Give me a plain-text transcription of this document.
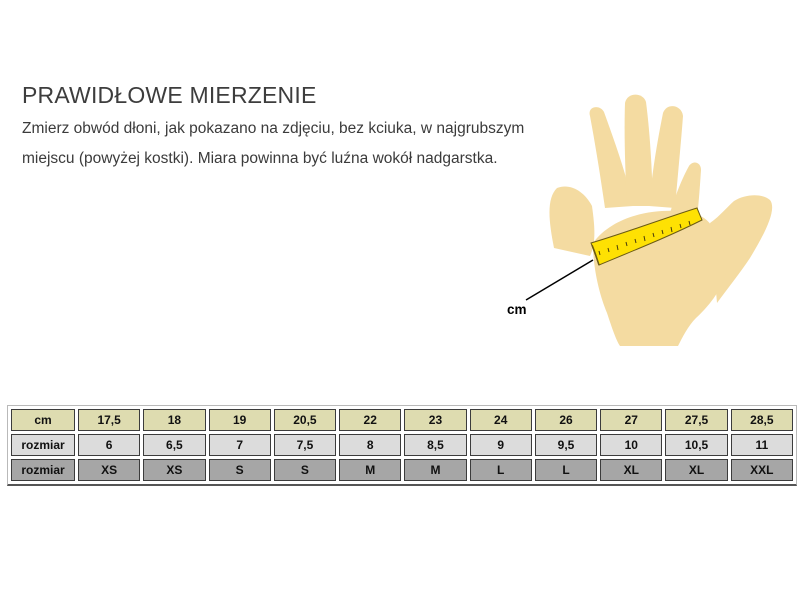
PRAWIDŁOWE MIERZENIE

Zmierz obwód dłoni, jak pokazano na zdjęciu, bez kciuka, w najgrubszym
miejscu (powyżej kostki). Miara powinna być luźna wokół nadgarstka.

cm
cm	17,5	18	19	20,5	22	23	24	26	27	27,5	28,5
rozmiar	6	6,5	7	7,5	8	8,5	9	9,5	10	10,5	11
rozmiar	XS	XS	S	S	M	M	L	L	XL	XL	XXL
